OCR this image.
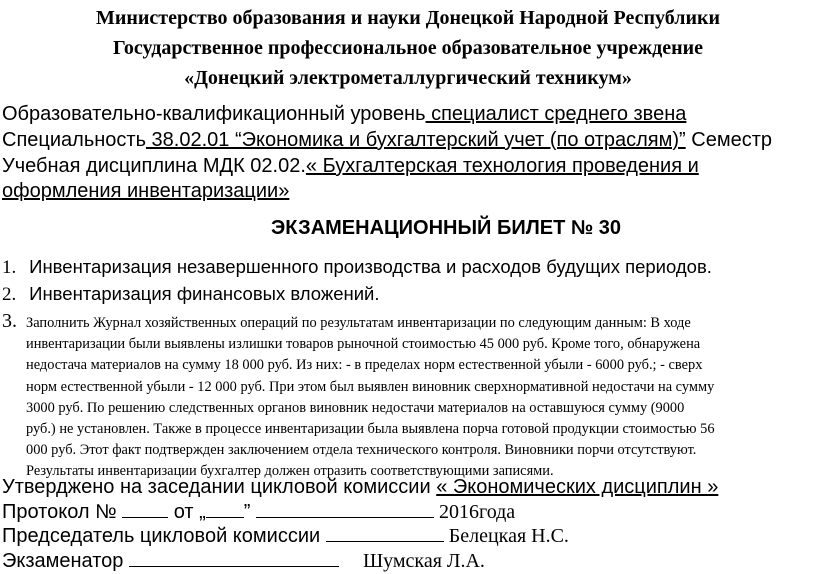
Министерство образования и науки Донецкой Народной Республики
Государственное профессиональное образовательное учреждение
«Донецкий электрометаллургический техникум»
Образовательно-квалификационный уровень специалист среднего звена
Специальность 38.02.01 “Экономика и бухгалтерский учет (по отраслям)” Семестр
Учебная дисциплина МДК 02.02.« Бухгалтерская технология проведения и
оформления инвентаризации»
ЭКЗАМЕНАЦИОННЫЙ БИЛЕТ № 30
1. Инвентаризация незавершенного производства и расходов будущих периодов.
2. Инвентаризация финансовых вложений.
3. Заполнить Журнал хозяйственных операций по результатам инвентаризации по следующим данным: В ходе
инвентаризации были выявлены излишки товаров рыночной стоимостью 45 000 руб. Кроме того, обнаружена
недостача материалов на сумму 18 000 руб. Из них: - в пределах норм естественной убыли - 6000 руб.; - сверх
норм естественной убыли - 12 000 руб. При этом был выявлен виновник сверхнормативной недостачи на сумму
3000 руб. По решению следственных органов виновник недостачи материалов на оставшуюся сумму (9000
руб.) не установлен. Также в процессе инвентаризации была выявлена порча готовой продукции стоимостью 56
000 руб. Этот факт подтвержден заключением отдела технического контроля. Виновники порчи отсутствуют.
Результаты инвентаризации бухгалтер должен отразить соответствующими записями.
Утверджено на заседании цикловой комиссии « Экономических дисциплин »
Протокол №  от „ ”	2016года
Председатель цикловой комиссии	Белецкая Н.С.
Экзаменатор	Шумская Л.А.
